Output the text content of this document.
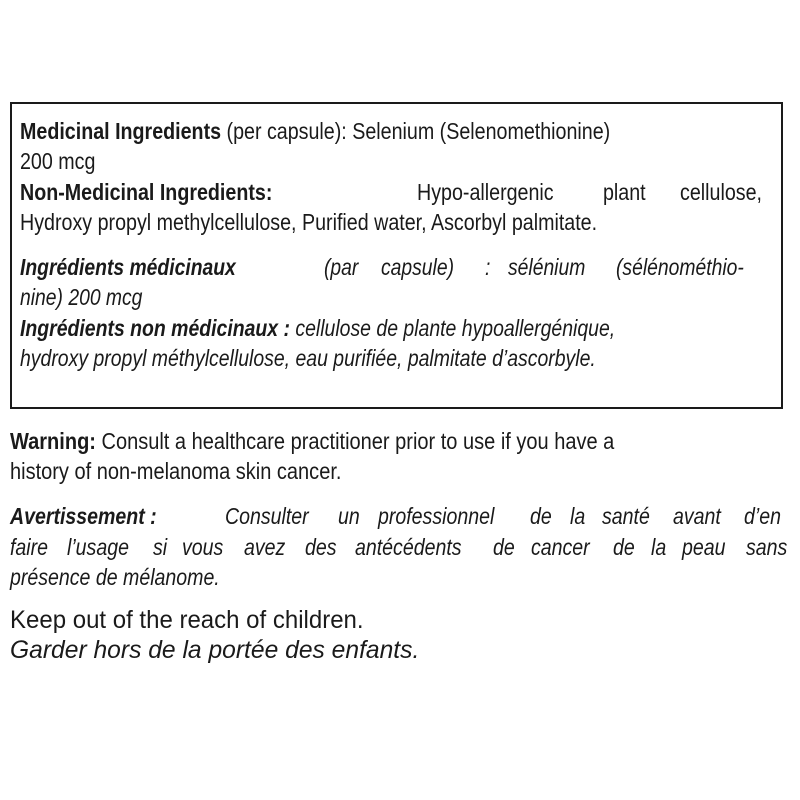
Medicinal Ingredients (per capsule): Selenium (Selenomethionine)
200 mcg
Non-Medicinal Ingredients:	Hypo-allergenic plant cellulose,
Hydroxy propyl methylcellulose, Purified water, Ascorbyl palmitate.
Ingrédients médicinaux	(par capsule) : sélénium (sélénométhio-
nine) 200 mcg
Ingrédients non médicinaux : cellulose de plante hypoallergénique,
hydroxy propyl méthylcellulose, eau purifiée, palmitate d’ascorbyle.
Warning: Consult a healthcare practitioner prior to use if you have a
history of non-melanoma skin cancer.
Avertissement :	Consulter un professionnel de la santé avant d’en
faire l’usage si vous avez des antécédents de cancer de la peau sans
présence de mélanome.
Keep out of the reach of children.
Garder hors de la portée des enfants.
